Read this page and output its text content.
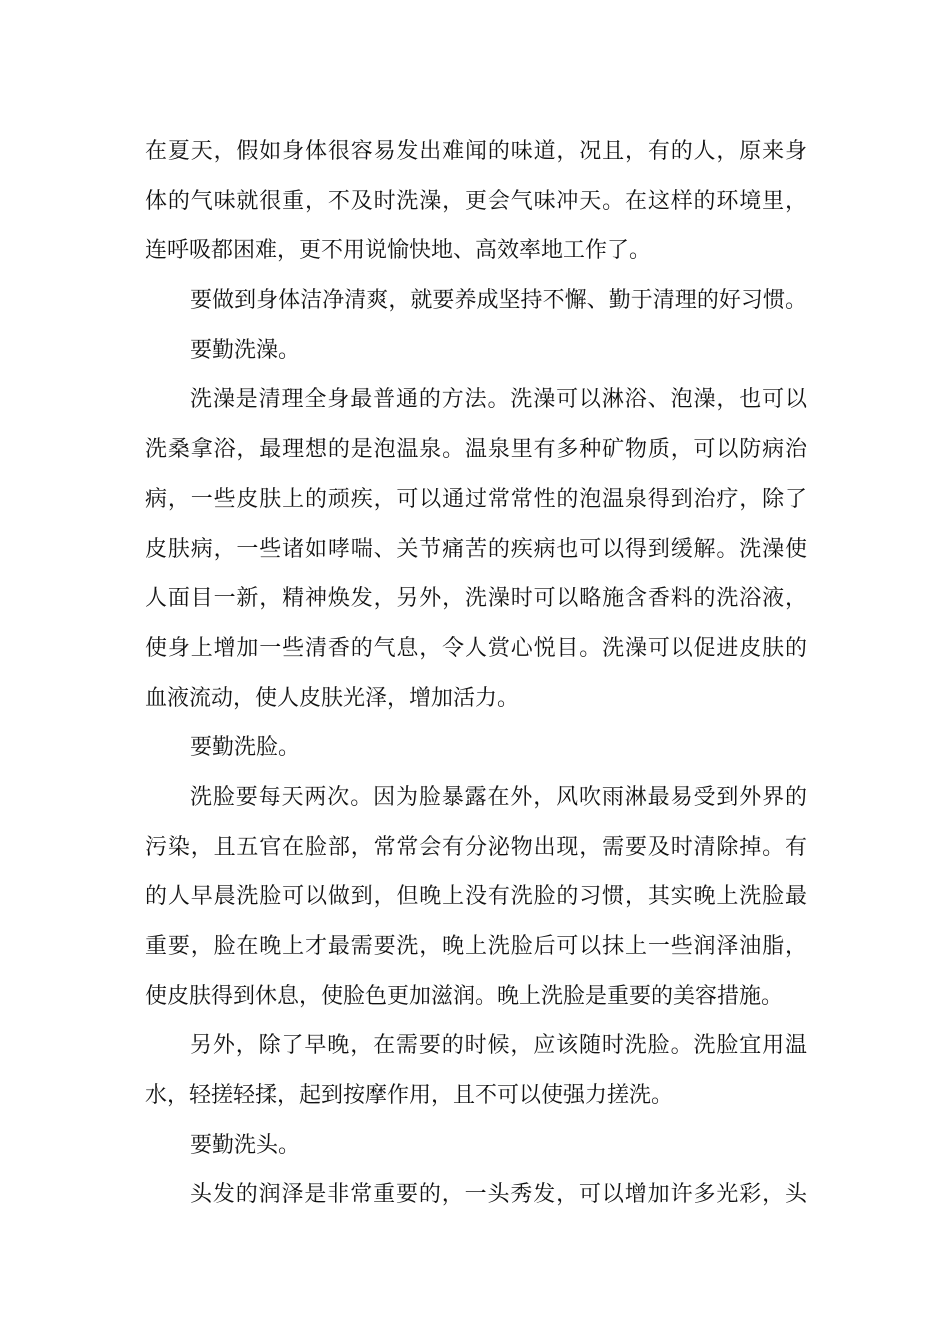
在夏天，假如身体很容易发出难闻的味道，况且，有的人，原来身
体的气味就很重，不及时洗澡，更会气味冲天。在这样的环境里，
连呼吸都困难，更不用说愉快地、高效率地工作了。
要做到身体洁净清爽，就要养成坚持不懈、勤于清理的好习惯。
要勤洗澡。
洗澡是清理全身最普通的方法。洗澡可以淋浴、泡澡，也可以
洗桑拿浴，最理想的是泡温泉。温泉里有多种矿物质，可以防病治
病，一些皮肤上的顽疾，可以通过常常性的泡温泉得到治疗，除了
皮肤病，一些诸如哮喘、关节痛苦的疾病也可以得到缓解。洗澡使
人面目一新，精神焕发，另外，洗澡时可以略施含香料的洗浴液，
使身上增加一些清香的气息，令人赏心悦目。洗澡可以促进皮肤的
血液流动，使人皮肤光泽，增加活力。
要勤洗脸。
洗脸要每天两次。因为脸暴露在外，风吹雨淋最易受到外界的
污染，且五官在脸部，常常会有分泌物出现，需要及时清除掉。有
的人早晨洗脸可以做到，但晚上没有洗脸的习惯，其实晚上洗脸最
重要，脸在晚上才最需要洗，晚上洗脸后可以抹上一些润泽油脂，
使皮肤得到休息，使脸色更加滋润。晚上洗脸是重要的美容措施。
另外，除了早晚，在需要的时候，应该随时洗脸。洗脸宜用温
水，轻搓轻揉，起到按摩作用，且不可以使强力搓洗。
要勤洗头。
头发的润泽是非常重要的，一头秀发，可以增加许多光彩，头
